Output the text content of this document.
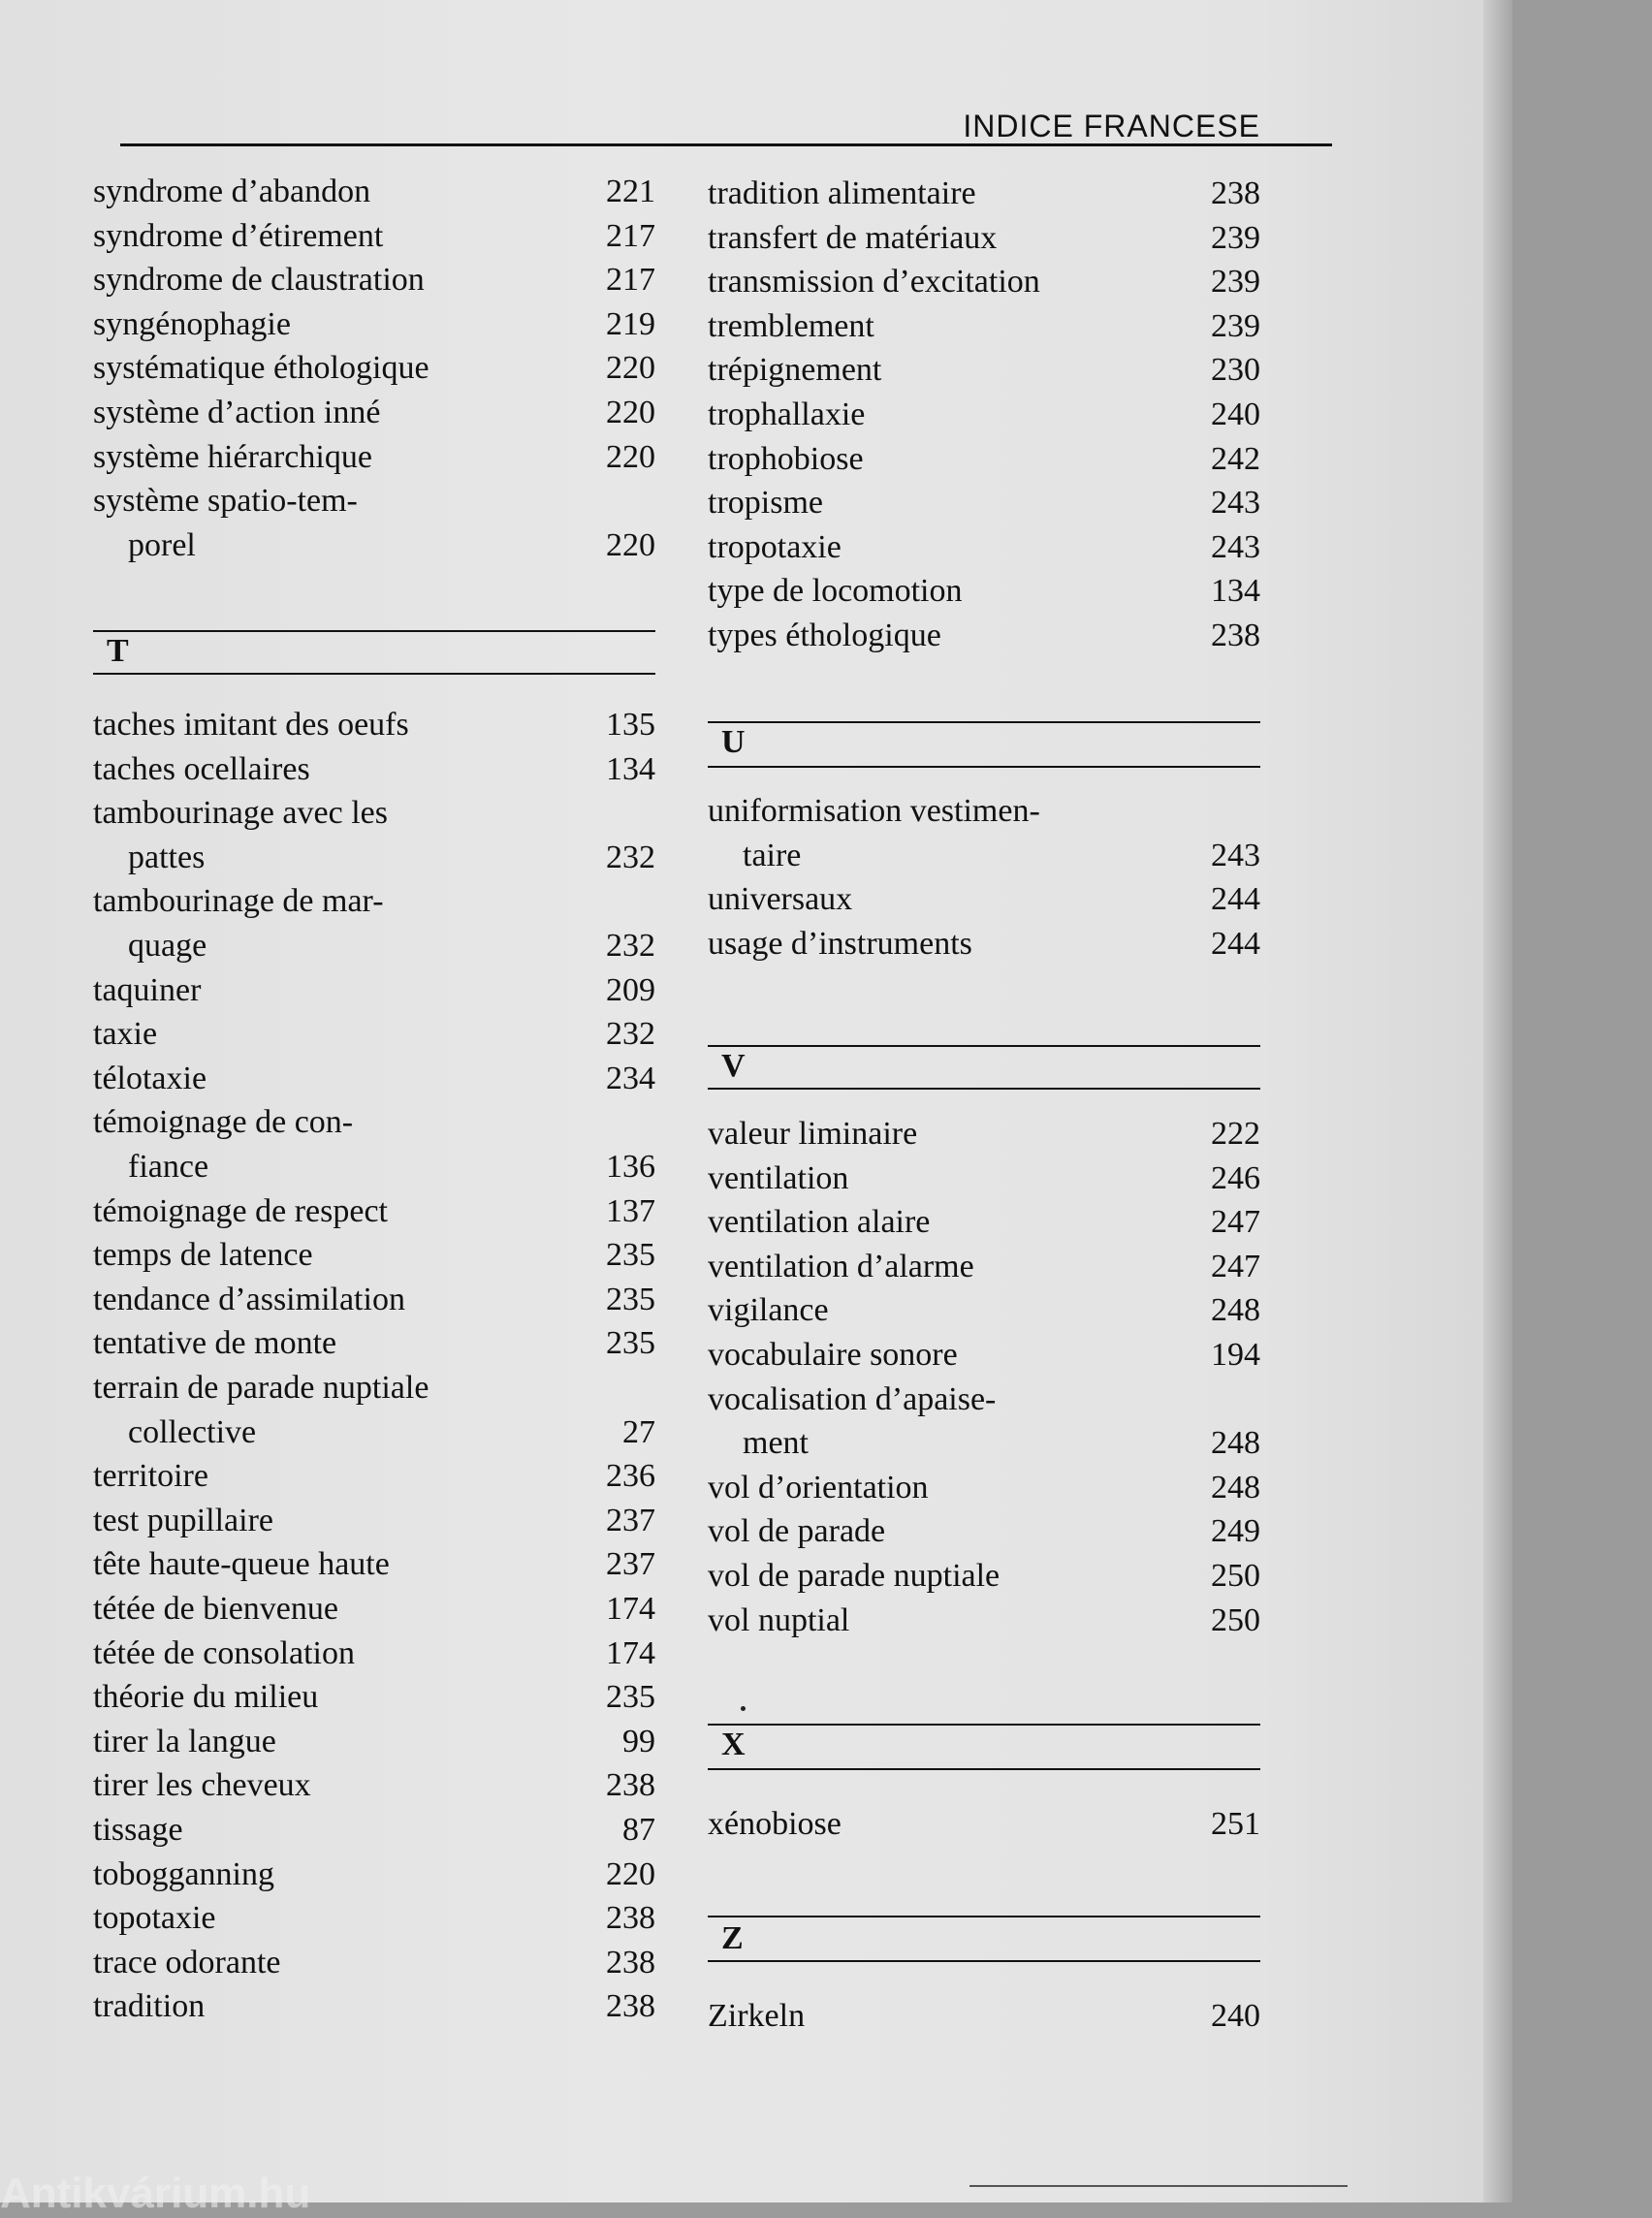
INDICE FRANCESE
syndrome d’abandon	221
syndrome d’étirement	217
syndrome de claustration	217
syngénophagie	219
systématique éthologique	220
système d’action inné	220
système hiérarchique	220
système spatio-tem-
porel	220
T
taches imitant des oeufs	135
taches ocellaires	134
tambourinage avec les
pattes	232
tambourinage de mar-
quage	232
taquiner	209
taxie	232
télotaxie	234
témoignage de con-
fiance	136
témoignage de respect	137
temps de latence	235
tendance d’assimilation	235
tentative de monte	235
terrain de parade nuptiale
collective	27
territoire	236
test pupillaire	237
tête haute-queue haute	237
tétée de bienvenue	174
tétée de consolation	174
théorie du milieu	235
tirer la langue	99
tirer les cheveux	238
tissage	87
tobogganning	220
topotaxie	238
trace odorante	238
tradition	238
tradition alimentaire	238
transfert de matériaux	239
transmission d’excitation	239
tremblement	239
trépignement	230
trophallaxie	240
trophobiose	242
tropisme	243
tropotaxie	243
type de locomotion	134
types éthologique	238
U
uniformisation vestimen-
taire	243
universaux	244
usage d’instruments	244
V
valeur liminaire	222
ventilation	246
ventilation alaire	247
ventilation d’alarme	247
vigilance	248
vocabulaire sonore	194
vocalisation d’apaise-
ment	248
vol d’orientation	248
vol de parade	249
vol de parade nuptiale	250
vol nuptial	250
X
xénobiose	251
Z
Zirkeln	240
Antikvárium.hu
